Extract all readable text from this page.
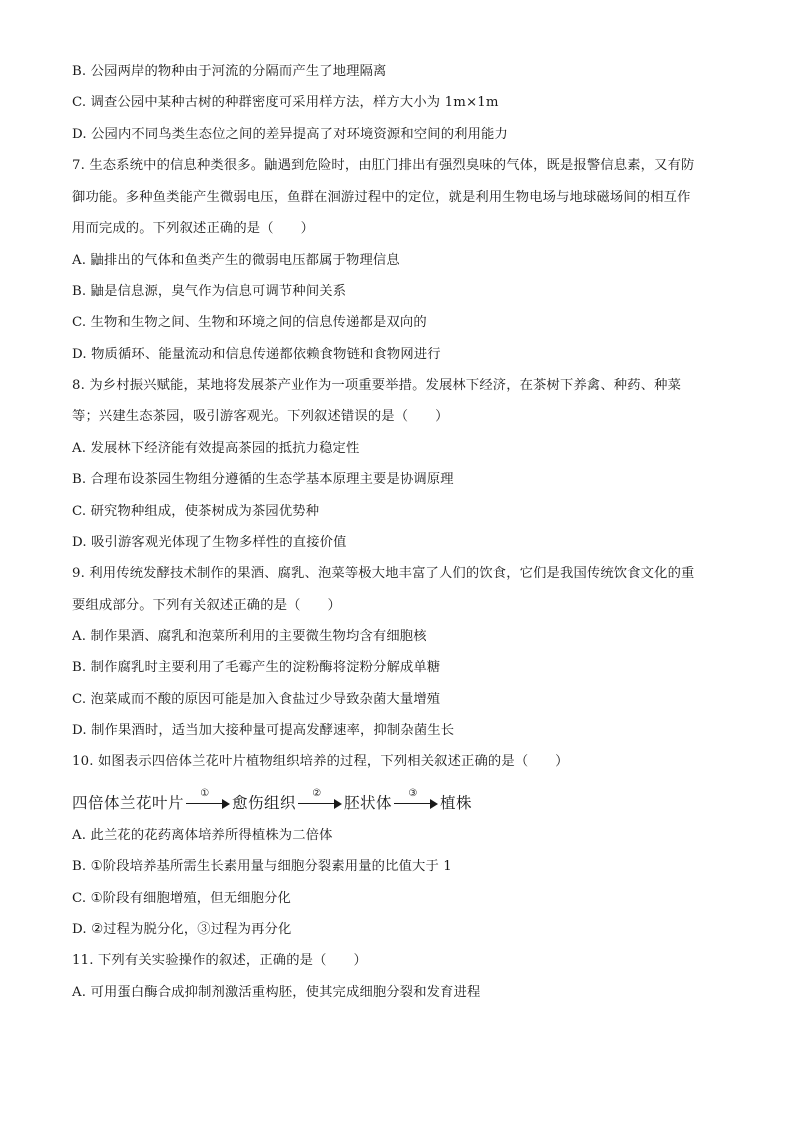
B. 公园两岸的物种由于河流的分隔而产生了地理隔离
C. 调查公园中某种古树的种群密度可采用样方法，样方大小为 1m×1m
D. 公园内不同鸟类生态位之间的差异提高了对环境资源和空间的利用能力
7. 生态系统中的信息种类很多。鼬遇到危险时，由肛门排出有强烈臭味的气体，既是报警信息素，又有防
御功能。多种鱼类能产生微弱电压，鱼群在洄游过程中的定位，就是利用生物电场与地球磁场间的相互作
用而完成的。下列叙述正确的是（　　）
A. 鼬排出的气体和鱼类产生的微弱电压都属于物理信息
B. 鼬是信息源，臭气作为信息可调节种间关系
C. 生物和生物之间、生物和环境之间的信息传递都是双向的
D. 物质循环、能量流动和信息传递都依赖食物链和食物网进行
8. 为乡村振兴赋能，某地将发展茶产业作为一项重要举措。发展林下经济，在茶树下养禽、种药、种菜
等；兴建生态茶园，吸引游客观光。下列叙述错误的是（　　）
A. 发展林下经济能有效提高茶园的抵抗力稳定性
B. 合理布设茶园生物组分遵循的生态学基本原理主要是协调原理
C. 研究物种组成，使茶树成为茶园优势种
D. 吸引游客观光体现了生物多样性的直接价值
9. 利用传统发酵技术制作的果酒、腐乳、泡菜等极大地丰富了人们的饮食，它们是我国传统饮食文化的重
要组成部分。下列有关叙述正确的是（　　）
A. 制作果酒、腐乳和泡菜所利用的主要微生物均含有细胞核
B. 制作腐乳时主要利用了毛霉产生的淀粉酶将淀粉分解成单糖
C. 泡菜咸而不酸的原因可能是加入食盐过少导致杂菌大量增殖
D. 制作果酒时，适当加大接种量可提高发酵速率，抑制杂菌生长
10. 如图表示四倍体兰花叶片植物组织培养的过程，下列相关叙述正确的是（　　）
四倍体兰花叶片
①
愈伤组织
②
胚状体
③
植株
A. 此兰花的花药离体培养所得植株为二倍体
B. ①阶段培养基所需生长素用量与细胞分裂素用量的比值大于 1
C. ①阶段有细胞增殖，但无细胞分化
D. ②过程为脱分化，③过程为再分化
11. 下列有关实验操作的叙述，正确的是（　　）
A. 可用蛋白酶合成抑制剂激活重构胚，使其完成细胞分裂和发育进程
